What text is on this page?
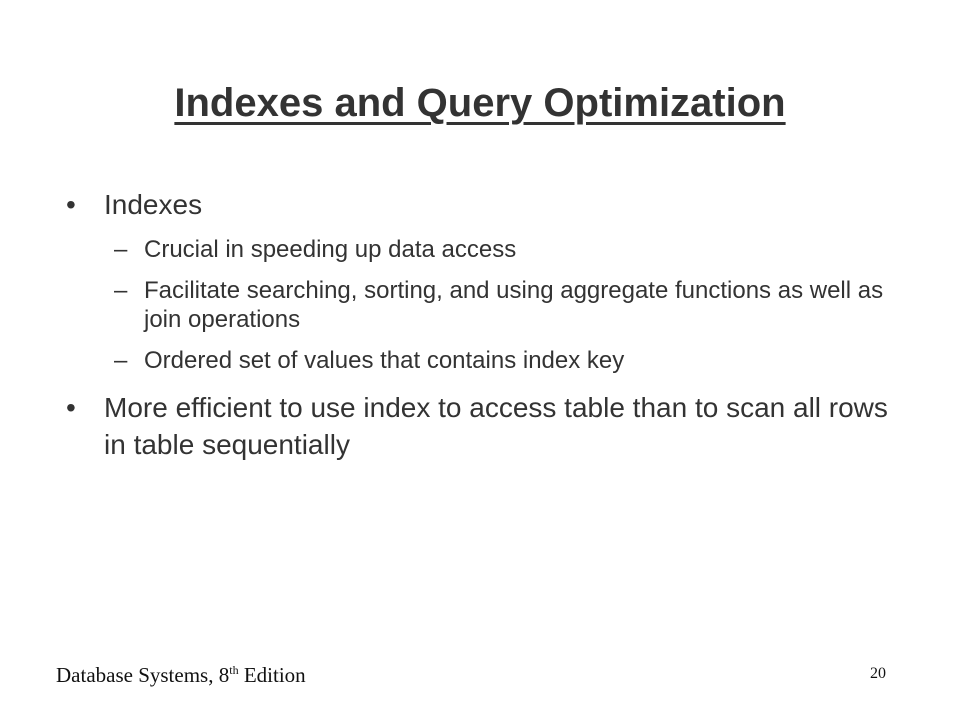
Indexes and Query Optimization
• Indexes
– Crucial in speeding up data access
– Facilitate searching, sorting, and using aggregate functions as well as join operations
– Ordered set of values that contains index key
• More efficient to use index to access table than to scan all rows in table sequentially
Database Systems, 8th Edition	20
